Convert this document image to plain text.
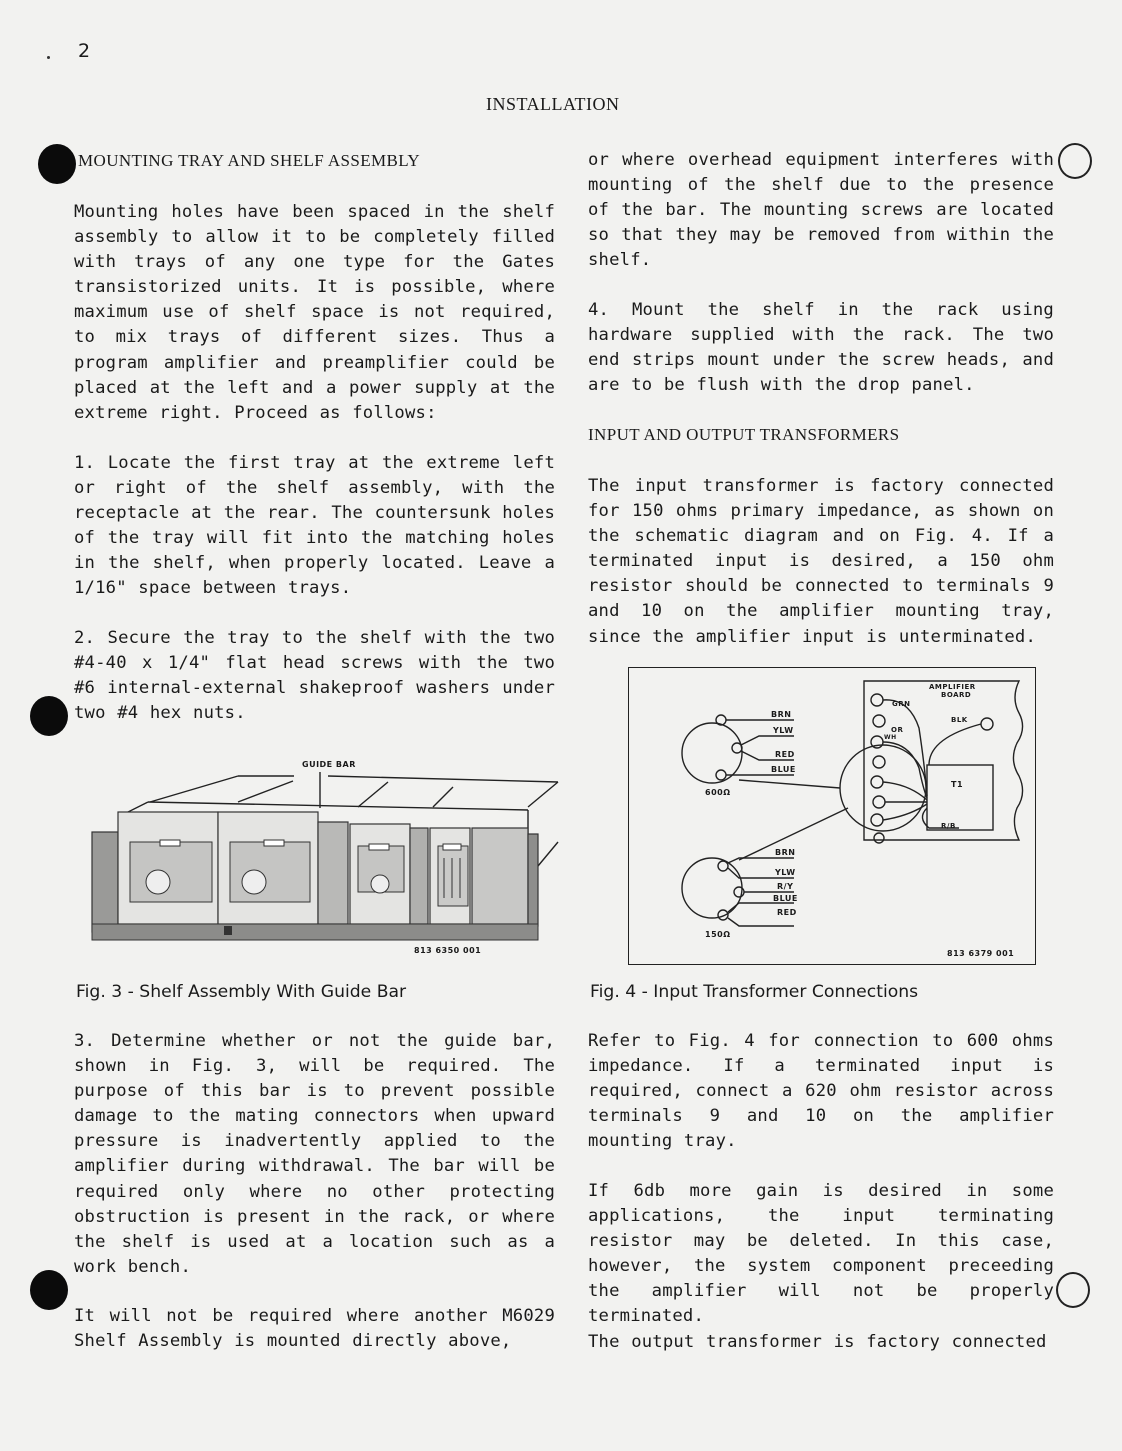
2
INSTALLATION
MOUNTING TRAY AND SHELF ASSEMBLY
Mounting holes have been spaced in the shelf assembly to allow it to be completely filled with trays of any one type for the Gates transistorized units. It is possible, where maximum use of shelf space is not required, to mix trays of different sizes. Thus a program amplifier and preamplifier could be placed at the left and a power supply at the extreme right. Proceed as follows:
1. Locate the first tray at the extreme left or right of the shelf assembly, with the receptacle at the rear. The countersunk holes of the tray will fit into the matching holes in the shelf, when properly located. Leave a 1/16" space between trays.
2. Secure the tray to the shelf with the two #4-40 x 1/4" flat head screws with the two #6 internal-external shakeproof washers under two #4 hex nuts.
GUIDE BAR
813 6350 001
Fig. 3 - Shelf Assembly With Guide Bar
3. Determine whether or not the guide bar, shown in Fig. 3, will be required. The purpose of this bar is to prevent possible damage to the mating connectors when upward pressure is inadvertently applied to the amplifier during withdrawal. The bar will be required only where no other protecting obstruction is present in the rack, or where the shelf is used at a location such as a work bench.
It will not be required where another M6029 Shelf Assembly is mounted directly above,
or where overhead equipment interferes with mounting of the shelf due to the presence of the bar. The mounting screws are located so that they may be removed from within the shelf.
4. Mount the shelf in the rack using hardware supplied with the rack. The two end strips mount under the screw heads, and are to be flush with the drop panel.
INPUT AND OUTPUT TRANSFORMERS
The input transformer is factory connected for 150 ohms primary impedance, as shown on the schematic diagram and on Fig. 4. If a terminated input is desired, a 150 ohm resistor should be connected to terminals 9 and 10 on the amplifier mounting tray, since the amplifier input is unterminated.
AMPLIFIER
BOARD
T1
GRN
OR
WH
BLK
R/B
BRN
YLW
RED
BLUE
600Ω
BRN
YLW
R/Y
BLUE
RED
150Ω
813 6379 001
Fig. 4 - Input Transformer Connections
Refer to Fig. 4 for connection to 600 ohms impedance. If a terminated input is required, connect a 620 ohm resistor across terminals 9 and 10 on the amplifier mounting tray.
If 6db more gain is desired in some applications, the input terminating resistor may be deleted. In this case, however, the system component preceeding the amplifier will not be properly terminated.
The output transformer is factory connected
